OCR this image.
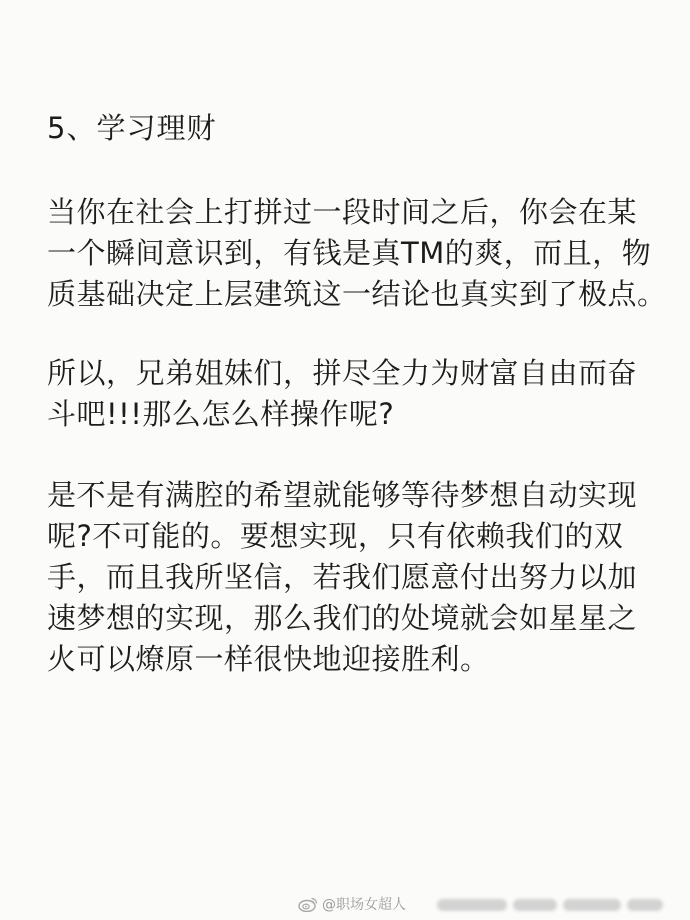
5、学习理财
当你在社会上打拼过一段时间之后，你会在某
一个瞬间意识到，有钱是真TM的爽，而且，物
质基础决定上层建筑这一结论也真实到了极点。
所以，兄弟姐妹们，拼尽全力为财富自由而奋
斗吧!!!那么怎么样操作呢?
是不是有满腔的希望就能够等待梦想自动实现
呢?不可能的。要想实现，只有依赖我们的双
手，而且我所坚信，若我们愿意付出努力以加
速梦想的实现，那么我们的处境就会如星星之
火可以燎原一样很快地迎接胜利。
@职场女超人
